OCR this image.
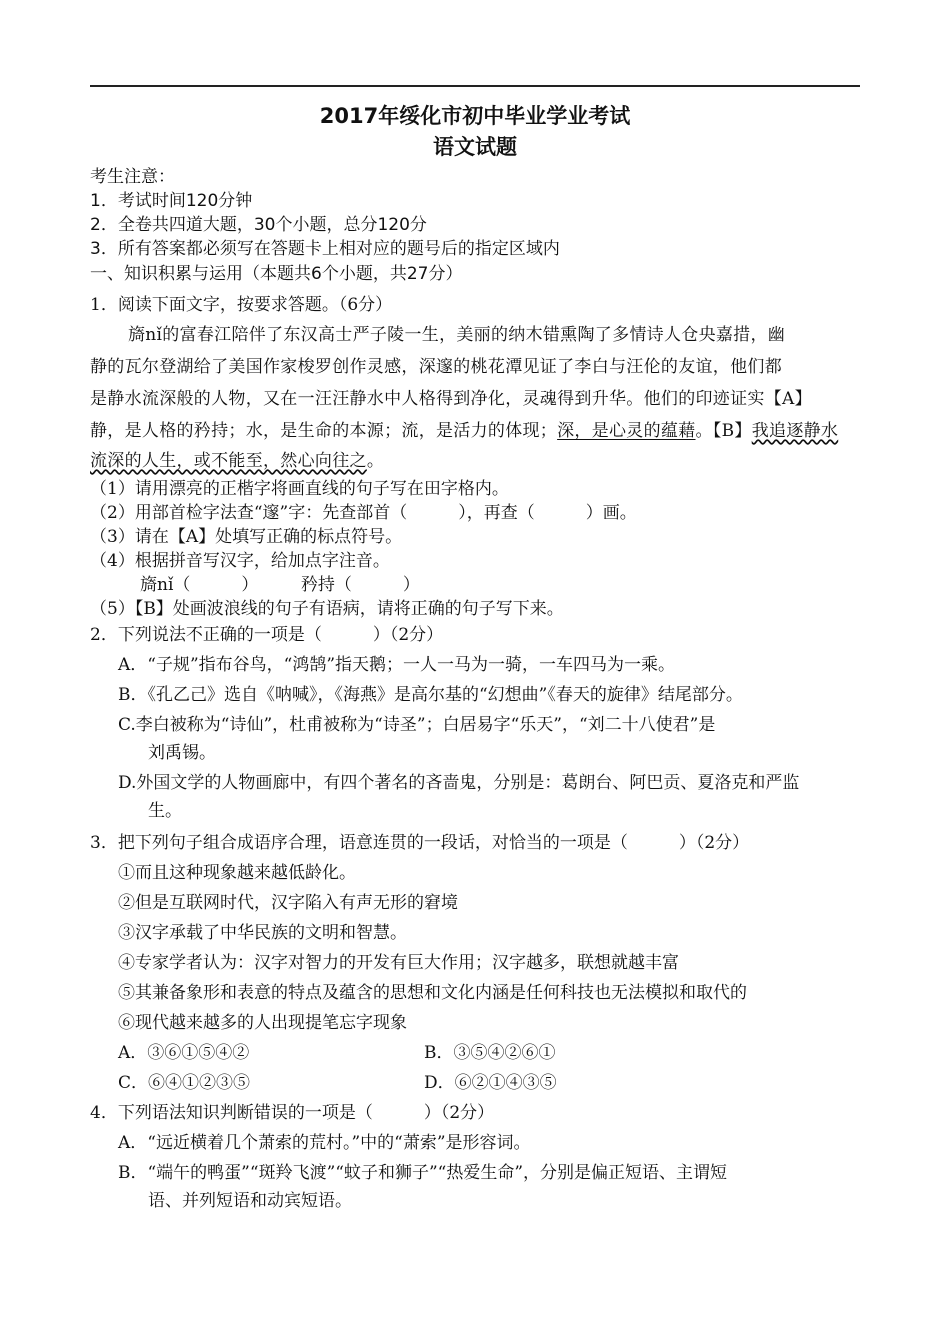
2017年绥化市初中毕业学业考试
语文试题
考生注意：
1．考试时间120分钟
2．全卷共四道大题，30个小题，总分120分
3．所有答案都必须写在答题卡上相对应的题号后的指定区域内
一、知识积累与运用（本题共6个小题，共27分）
1．阅读下面文字，按要求答题。（6分）
旖nǐ的富春江陪伴了东汉高士严子陵一生，美丽的纳木错熏陶了多情诗人仓央嘉措，幽
静的瓦尔登湖给了美国作家梭罗创作灵感，深邃的桃花潭见证了李白与汪伦的友谊，他们都
是静水流深般的人物，又在一汪汪静水中人格得到净化，灵魂得到升华。他们的印迹证实【A】
静，是人格的矜持；水，是生命的本源；流，是活力的体现；深，是心灵的蕴藉。【B】我追逐静水
流深的人生，或不能至，然心向往之。
（1）请用漂亮的正楷字将画直线的句子写在田字格内。
（2）用部首检字法查“邃”字：先查部首（　　　），再查（　　　）画。
（3）请在【A】处填写正确的标点符号。
（4）根据拼音写汉字，给加点字注音。
旖nǐ（　　　）　　　矜持（　　　）
（5）【B】处画波浪线的句子有语病，请将正确的句子写下来。
2．下列说法不正确的一项是（　　　）（2分）
A．“子规”指布谷鸟，“鸿鹄”指天鹅；一人一马为一骑，一车四马为一乘。
B．《孔乙己》选自《呐喊》，《海燕》是高尔基的“幻想曲”《春天的旋律》结尾部分。
C.李白被称为“诗仙”，杜甫被称为“诗圣”；白居易字“乐天”，“刘二十八使君”是
刘禹锡。
D.外国文学的人物画廊中，有四个著名的吝啬鬼，分别是：葛朗台、阿巴贡、夏洛克和严监
生。
3．把下列句子组合成语序合理，语意连贯的一段话，对恰当的一项是（　　　）（2分）
①而且这种现象越来越低龄化。
②但是互联网时代，汉字陷入有声无形的窘境
③汉字承载了中华民族的文明和智慧。
④专家学者认为：汉字对智力的开发有巨大作用；汉字越多，联想就越丰富
⑤其兼备象形和表意的特点及蕴含的思想和文化内涵是任何科技也无法模拟和取代的
⑥现代越来越多的人出现提笔忘字现象
A．③⑥①⑤④②	B．③⑤④②⑥①
C．⑥④①②③⑤	D．⑥②①④③⑤
4．下列语法知识判断错误的一项是（　　　）（2分）
A．“远近横着几个萧索的荒村。”中的“萧索”是形容词。
B．“端午的鸭蛋”“斑羚飞渡”“蚊子和狮子”“热爱生命”，分别是偏正短语、主谓短
语、并列短语和动宾短语。
